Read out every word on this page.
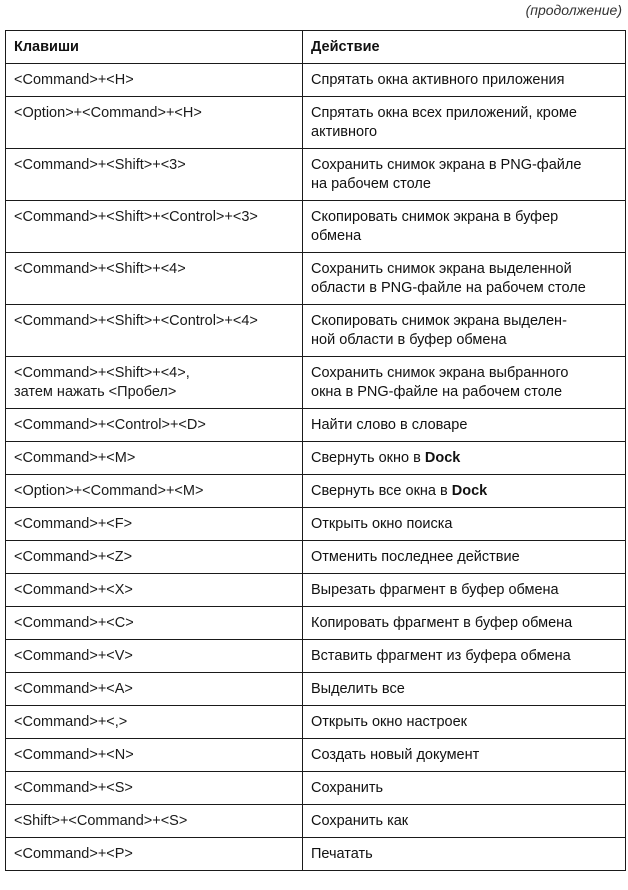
(продолжение)
Клавиши	Действие
<Command>+<H>	Спрятать окна активного приложения
<Option>+<Command>+<H>	Спрятать окна всех приложений, кроме
активного
<Command>+<Shift>+<3>	Сохранить снимок экрана в PNG-файле
на рабочем столе
<Command>+<Shift>+<Control>+<3>	Скопировать снимок экрана в буфер
обмена
<Command>+<Shift>+<4>	Сохранить снимок экрана выделенной
области в PNG-файле на рабочем столе
<Command>+<Shift>+<Control>+<4>	Скопировать снимок экрана выделен-
ной области в буфер обмена
<Command>+<Shift>+<4>,
затем нажать <Пробел>	Сохранить снимок экрана выбранного
окна в PNG-файле на рабочем столе
<Command>+<Control>+<D>	Найти слово в словаре
<Command>+<M>	Свернуть окно в Dock
<Option>+<Command>+<M>	Свернуть все окна в Dock
<Command>+<F>	Открыть окно поиска
<Command>+<Z>	Отменить последнее действие
<Command>+<X>	Вырезать фрагмент в буфер обмена
<Command>+<C>	Копировать фрагмент в буфер обмена
<Command>+<V>	Вставить фрагмент из буфера обмена
<Command>+<A>	Выделить все
<Command>+<,>	Открыть окно настроек
<Command>+<N>	Создать новый документ
<Command>+<S>	Сохранить
<Shift>+<Command>+<S>	Сохранить как
<Command>+<P>	Печатать
